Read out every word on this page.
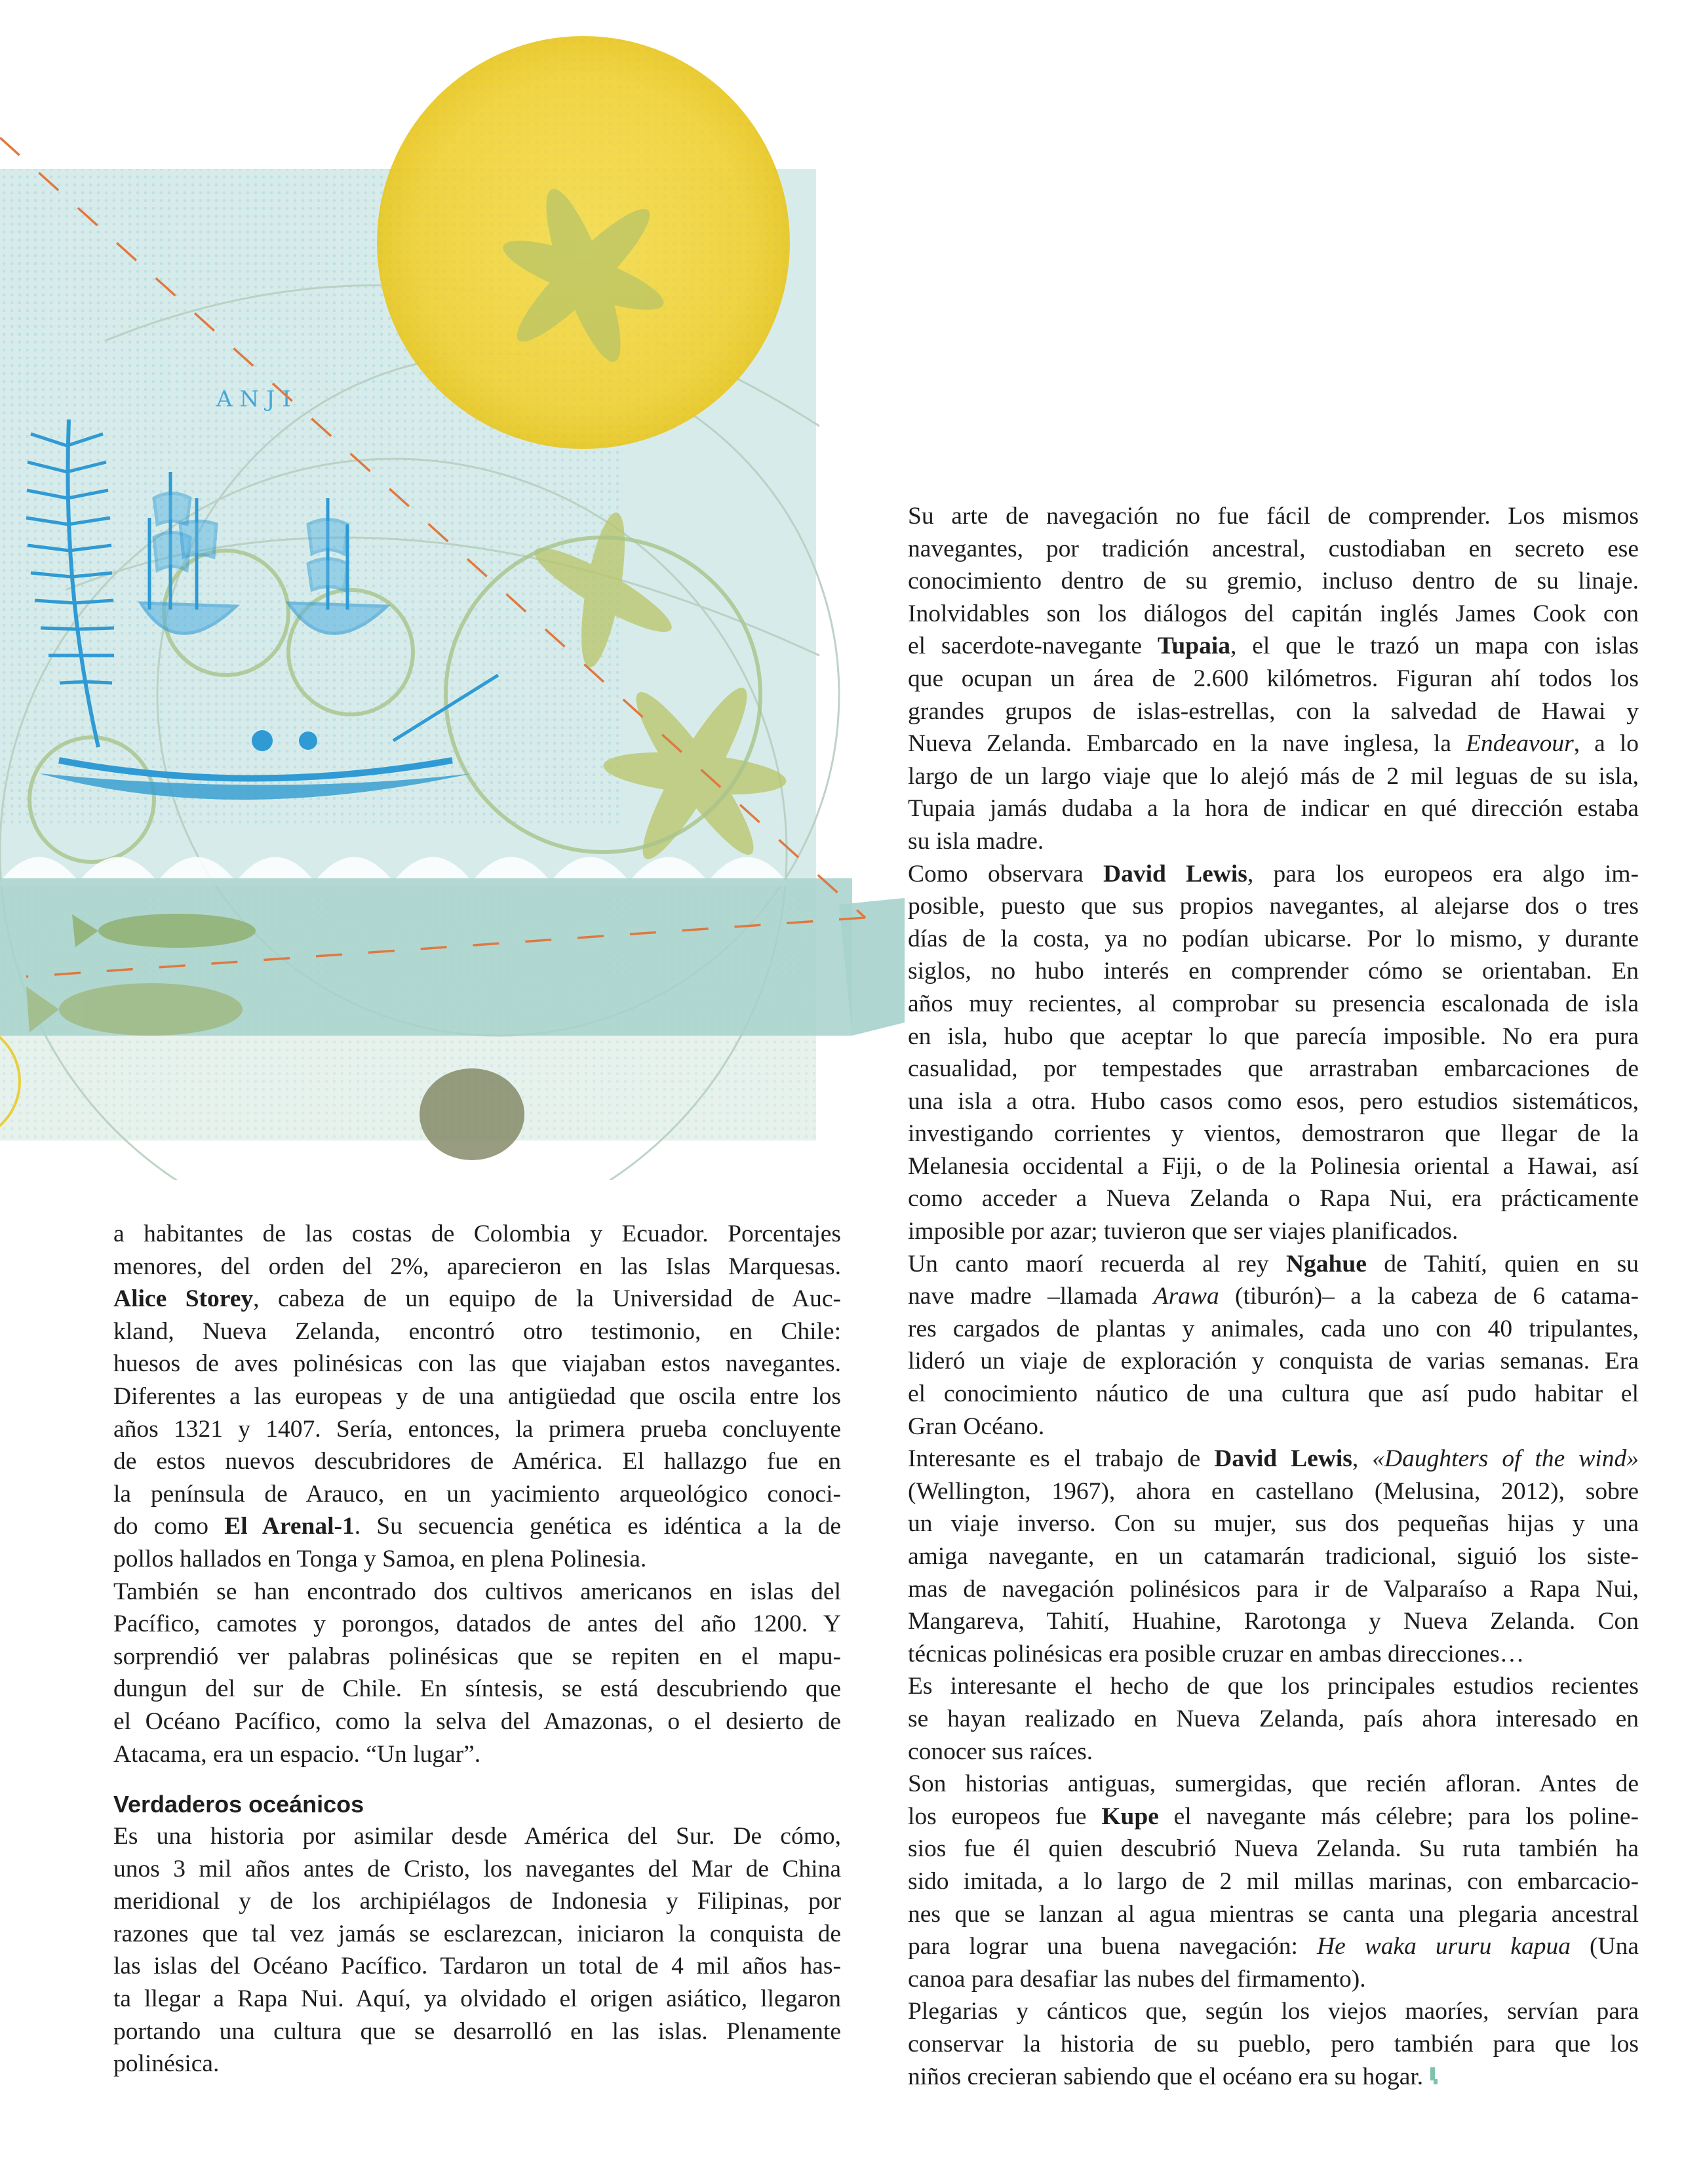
A N J I

a habitantes de las costas de Colombia y Ecuador. Porcentajes
menores, del orden del 2%, aparecieron en las Islas Marquesas.
Alice Storey, cabeza de un equipo de la Universidad de Auc-
kland, Nueva Zelanda, encontró otro testimonio, en Chile:
huesos de aves polinésicas con las que viajaban estos navegantes.
Diferentes a las europeas y de una antigüedad que oscila entre los
años 1321 y 1407. Sería, entonces, la primera prueba concluyente
de estos nuevos descubridores de América. El hallazgo fue en
la península de Arauco, en un yacimiento arqueológico conoci-
do como El Arenal-1. Su secuencia genética es idéntica a la de
pollos hallados en Tonga y Samoa, en plena Polinesia.

También se han encontrado dos cultivos americanos en islas del
Pacífico, camotes y porongos, datados de antes del año 1200. Y
sorprendió ver palabras polinésicas que se repiten en el mapu-
dungun del sur de Chile. En síntesis, se está descubriendo que
el Océano Pacífico, como la selva del Amazonas, o el desierto de
Atacama, era un espacio. “Un lugar”.

Verdaderos oceánicos

Es una historia por asimilar desde América del Sur. De cómo,
unos 3 mil años antes de Cristo, los navegantes del Mar de China
meridional y de los archipiélagos de Indonesia y Filipinas, por
razones que tal vez jamás se esclarezcan, iniciaron la conquista de
las islas del Océano Pacífico. Tardaron un total de 4 mil años has-
ta llegar a Rapa Nui. Aquí, ya olvidado el origen asiático, llegaron
portando una cultura que se desarrolló en las islas. Plenamente
polinésica.

Su arte de navegación no fue fácil de comprender. Los mismos
navegantes, por tradición ancestral, custodiaban en secreto ese
conocimiento dentro de su gremio, incluso dentro de su linaje.
Inolvidables son los diálogos del capitán inglés James Cook con
el sacerdote-navegante Tupaia, el que le trazó un mapa con islas
que ocupan un área de 2.600 kilómetros. Figuran ahí todos los
grandes grupos de islas-estrellas, con la salvedad de Hawai y
Nueva Zelanda. Embarcado en la nave inglesa, la Endeavour, a lo
largo de un largo viaje que lo alejó más de 2 mil leguas de su isla,
Tupaia jamás dudaba a la hora de indicar en qué dirección estaba
su isla madre.

Como observara David Lewis, para los europeos era algo im-
posible, puesto que sus propios navegantes, al alejarse dos o tres
días de la costa, ya no podían ubicarse. Por lo mismo, y durante
siglos, no hubo interés en comprender cómo se orientaban. En
años muy recientes, al comprobar su presencia escalonada de isla
en isla, hubo que aceptar lo que parecía imposible. No era pura
casualidad, por tempestades que arrastraban embarcaciones de
una isla a otra. Hubo casos como esos, pero estudios sistemáticos,
investigando corrientes y vientos, demostraron que llegar de la
Melanesia occidental a Fiji, o de la Polinesia oriental a Hawai, así
como acceder a Nueva Zelanda o Rapa Nui, era prácticamente
imposible por azar; tuvieron que ser viajes planificados.

Un canto maorí recuerda al rey Ngahue de Tahití, quien en su
nave madre –llamada Arawa (tiburón)– a la cabeza de 6 catama-
res cargados de plantas y animales, cada uno con 40 tripulantes,
lideró un viaje de exploración y conquista de varias semanas. Era
el conocimiento náutico de una cultura que así pudo habitar el
Gran Océano.

Interesante es el trabajo de David Lewis, «Daughters of the wind»
(Wellington, 1967), ahora en castellano (Melusina, 2012), sobre
un viaje inverso. Con su mujer, sus dos pequeñas hijas y una
amiga navegante, en un catamarán tradicional, siguió los siste-
mas de navegación polinésicos para ir de Valparaíso a Rapa Nui,
Mangareva, Tahití, Huahine, Rarotonga y Nueva Zelanda. Con
técnicas polinésicas era posible cruzar en ambas direcciones…

Es interesante el hecho de que los principales estudios recientes
se hayan realizado en Nueva Zelanda, país ahora interesado en
conocer sus raíces.

Son historias antiguas, sumergidas, que recién afloran. Antes de
los europeos fue Kupe el navegante más célebre; para los poline-
sios fue él quien descubrió Nueva Zelanda. Su ruta también ha
sido imitada, a lo largo de 2 mil millas marinas, con embarcacio-
nes que se lanzan al agua mientras se canta una plegaria ancestral
para lograr una buena navegación: He waka ururu kapua (Una
canoa para desafiar las nubes del firmamento).

Plegarias y cánticos que, según los viejos maoríes, servían para
conservar la historia de su pueblo, pero también para que los
niños crecieran sabiendo que el océano era su hogar.
